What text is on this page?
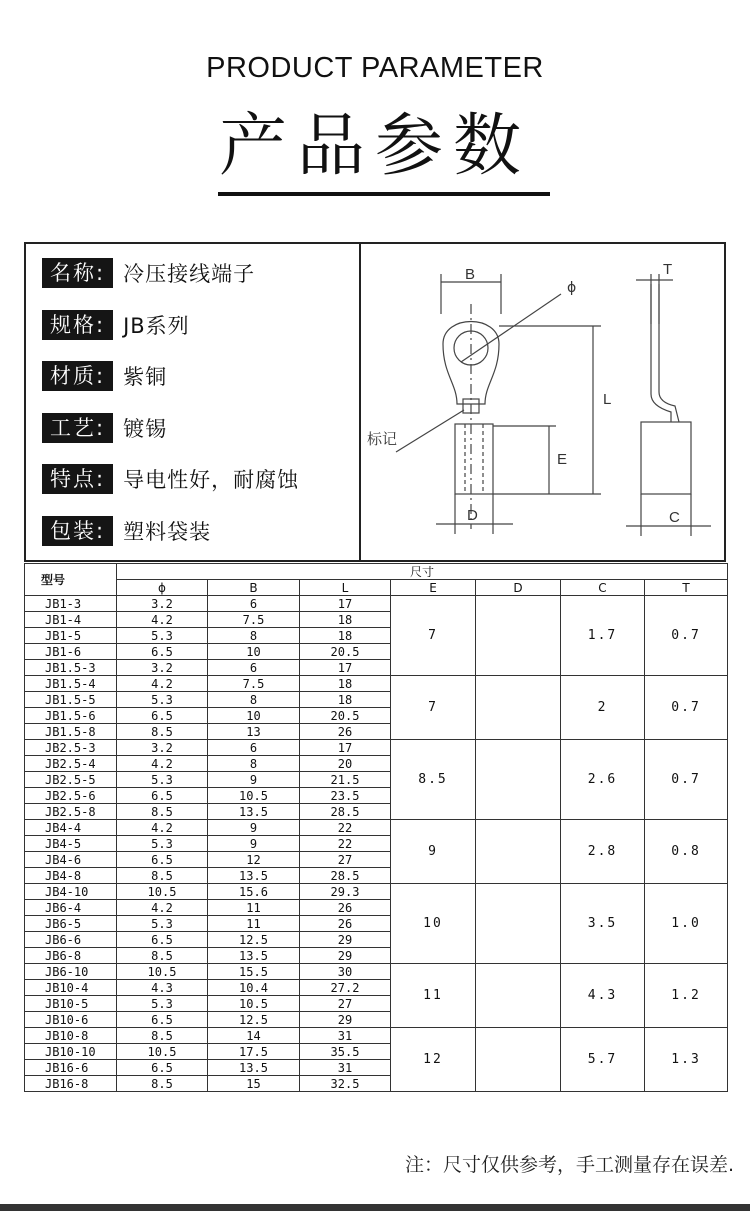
PRODUCT PARAMETER
产品参数
名称: 冷压接线端子
规格: JB系列
材质: 紫铜
工艺: 镀锡
特点: 导电性好，耐腐蚀
包装: 塑料袋装
B
ϕ
L
E
D
T
C
标记
型号	尺寸						
	ϕ	B	L	E	D	C	T
JB1-3	3.2	6	17	7		1.7	0.7
JB1-4	4.2	7.5	18				
JB1-5	5.3	8	18				
JB1-6	6.5	10	20.5				
JB1.5-3	3.2	6	17				
JB1.5-4	4.2	7.5	18	7		2	0.7
JB1.5-5	5.3	8	18				
JB1.5-6	6.5	10	20.5				
JB1.5-8	8.5	13	26				
JB2.5-3	3.2	6	17	8.5		2.6	0.7
JB2.5-4	4.2	8	20				
JB2.5-5	5.3	9	21.5				
JB2.5-6	6.5	10.5	23.5				
JB2.5-8	8.5	13.5	28.5				
JB4-4	4.2	9	22	9		2.8	0.8
JB4-5	5.3	9	22				
JB4-6	6.5	12	27				
JB4-8	8.5	13.5	28.5				
JB4-10	10.5	15.6	29.3	10		3.5	1.0
JB6-4	4.2	11	26				
JB6-5	5.3	11	26				
JB6-6	6.5	12.5	29				
JB6-8	8.5	13.5	29				
JB6-10	10.5	15.5	30	11		4.3	1.2
JB10-4	4.3	10.4	27.2				
JB10-5	5.3	10.5	27				
JB10-6	6.5	12.5	29				
JB10-8	8.5	14	31	12		5.7	1.3
JB10-10	10.5	17.5	35.5				
JB16-6	6.5	13.5	31				
JB16-8	8.5	15	32.5				
注：尺寸仅供参考，手工测量存在误差.
